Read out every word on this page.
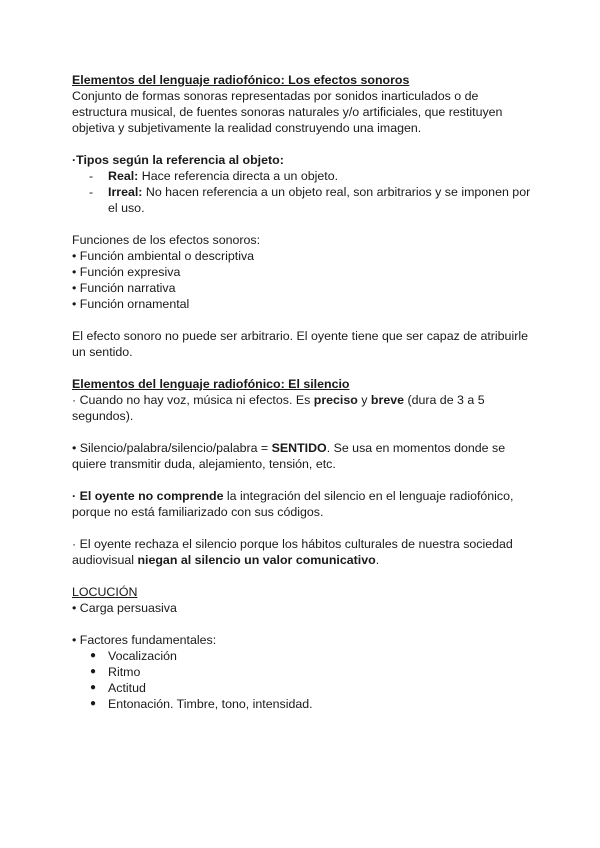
Elementos del lenguaje radiofónico: Los efectos sonoros

Conjunto de formas sonoras representadas por sonidos inarticulados o de estructura musical, de fuentes sonoras naturales y/o artificiales, que restituyen objetiva y subjetivamente la realidad construyendo una imagen.

·Tipos según la referencia al objeto:

-	Real: Hace referencia directa a un objeto.
-	Irreal: No hacen referencia a un objeto real, son arbitrarios y se imponen por el uso.

Funciones de los efectos sonoros:

• Función ambiental o descriptiva

• Función expresiva

• Función narrativa

• Función ornamental

El efecto sonoro no puede ser arbitrario. El oyente tiene que ser capaz de atribuirle un sentido.

Elementos del lenguaje radiofónico: El silencio

· Cuando no hay voz, música ni efectos. Es preciso y breve (dura de 3 a 5 segundos).

• Silencio/palabra/silencio/palabra = SENTIDO. Se usa en momentos donde se quiere transmitir duda, alejamiento, tensión, etc.

· El oyente no comprende la integración del silencio en el lenguaje radiofónico, porque no está familiarizado con sus códigos.

· El oyente rechaza el silencio porque los hábitos culturales de nuestra sociedad audiovisual niegan al silencio un valor comunicativo.

LOCUCIÓN

• Carga persuasiva

• Factores fundamentales:

● Vocalización
● Ritmo
● Actitud
● Entonación. Timbre, tono, intensidad.
